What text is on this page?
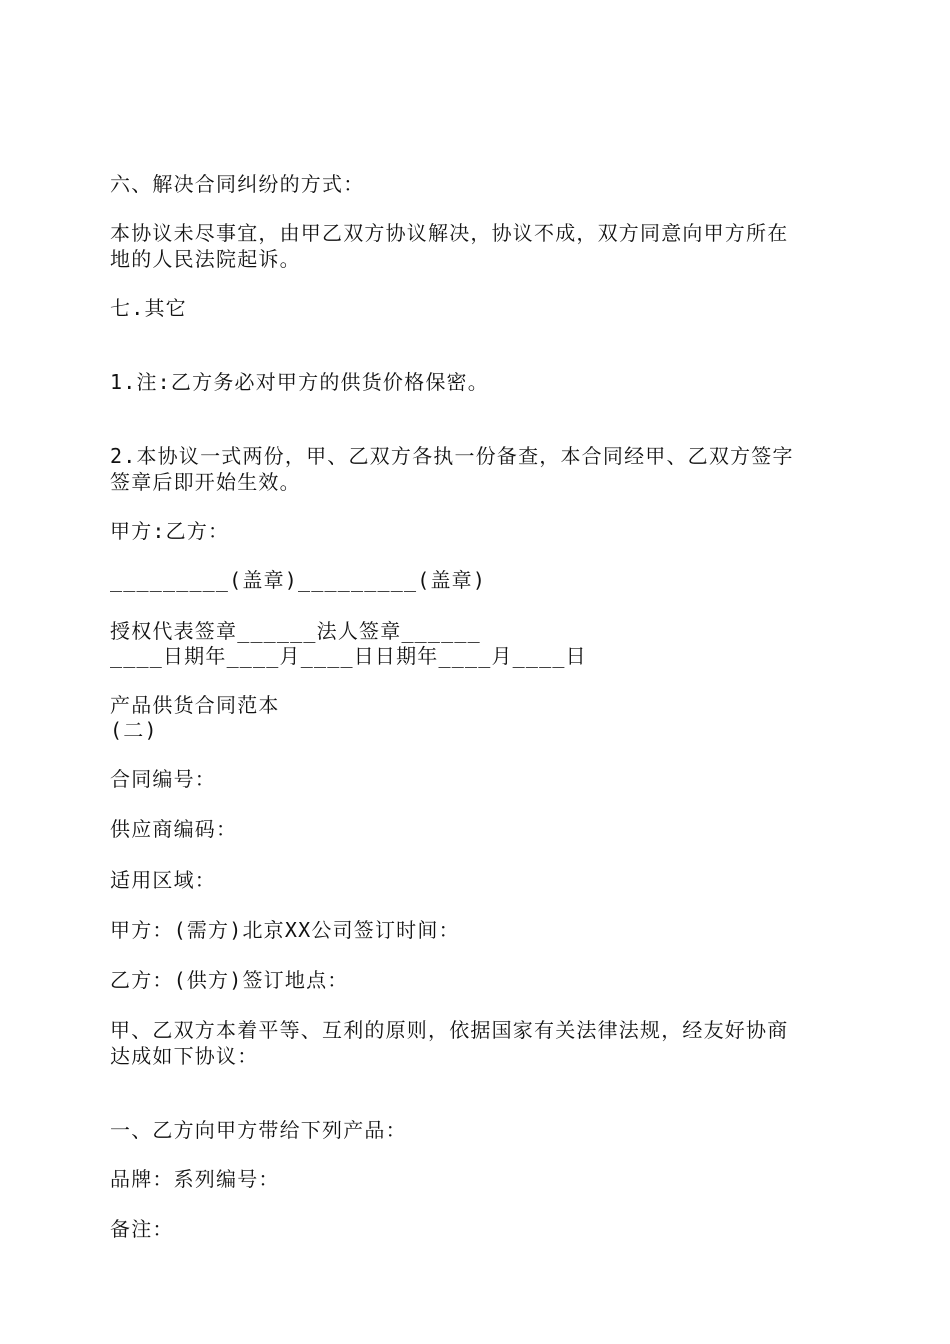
六、解决合同纠纷的方式：
本协议未尽事宜，由甲乙双方协议解决，协议不成，双方同意向甲方所在
地的人民法院起诉。
七.其它
1.注:乙方务必对甲方的供货价格保密。
2.本协议一式两份，甲、乙双方各执一份备查，本合同经甲、乙双方签字
签章后即开始生效。
甲方:乙方：
_________(盖章)_________(盖章)
授权代表签章______法人签章______
____日期年____月____日日期年____月____日
产品供货合同范本
(二)
合同编号：
供应商编码：
适用区域：
甲方：(需方)北京XX公司签订时间：
乙方：(供方)签订地点：
甲、乙双方本着平等、互利的原则，依据国家有关法律法规，经友好协商
达成如下协议：
一、乙方向甲方带给下列产品：
品牌：系列编号：
备注：
